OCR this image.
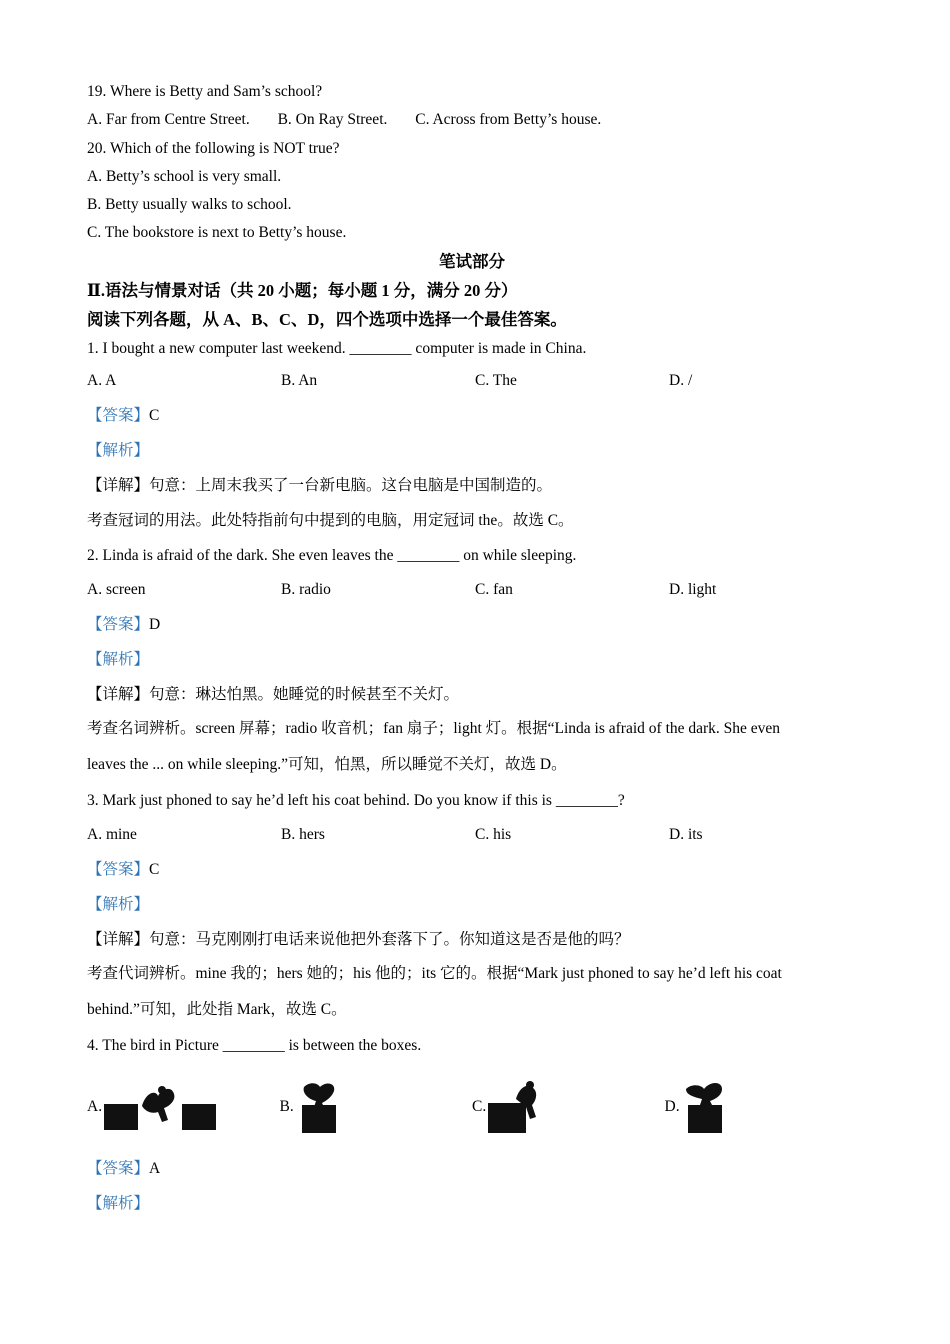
19. Where is Betty and Sam’s school?
A. Far from Centre Street. B. On Ray Street. C. Across from Betty’s house.
20. Which of the following is NOT true?
A. Betty’s school is very small.
B. Betty usually walks to school.
C. The bookstore is next to Betty’s house.
笔试部分
Ⅱ.语法与情景对话（共 20 小题；每小题 1 分，满分 20 分）
阅读下列各题，从 A、B、C、D，四个选项中选择一个最佳答案。
1. I bought a new computer last weekend. ________ computer is made in China.
A. A	B. An	C. The	D. /
【答案】C
【解析】
【详解】句意：上周末我买了一台新电脑。这台电脑是中国制造的。
考查冠词的用法。此处特指前句中提到的电脑，用定冠词 the。故选 C。
2. Linda is afraid of the dark. She even leaves the ________ on while sleeping.
A. screen	B. radio	C. fan	D. light
【答案】D
【解析】
【详解】句意：琳达怕黑。她睡觉的时候甚至不关灯。
考查名词辨析。screen 屏幕；radio 收音机；fan 扇子；light 灯。根据“Linda is afraid of the dark. She even
leaves the ... on while sleeping.”可知，怕黑，所以睡觉不关灯，故选 D。
3. Mark just phoned to say he’d left his coat behind. Do you know if this is ________?
A. mine	B. hers	C. his	D. its
【答案】C
【解析】
【详解】句意：马克刚刚打电话来说他把外套落下了。你知道这是否是他的吗？
考查代词辨析。mine 我的；hers 她的；his 他的；its 它的。根据“Mark just phoned to say he’d left his coat
behind.”可知，此处指 Mark，故选 C。
4. The bird in Picture ________ is between the boxes.
A.	B.	C.	D.
【答案】A
【解析】
